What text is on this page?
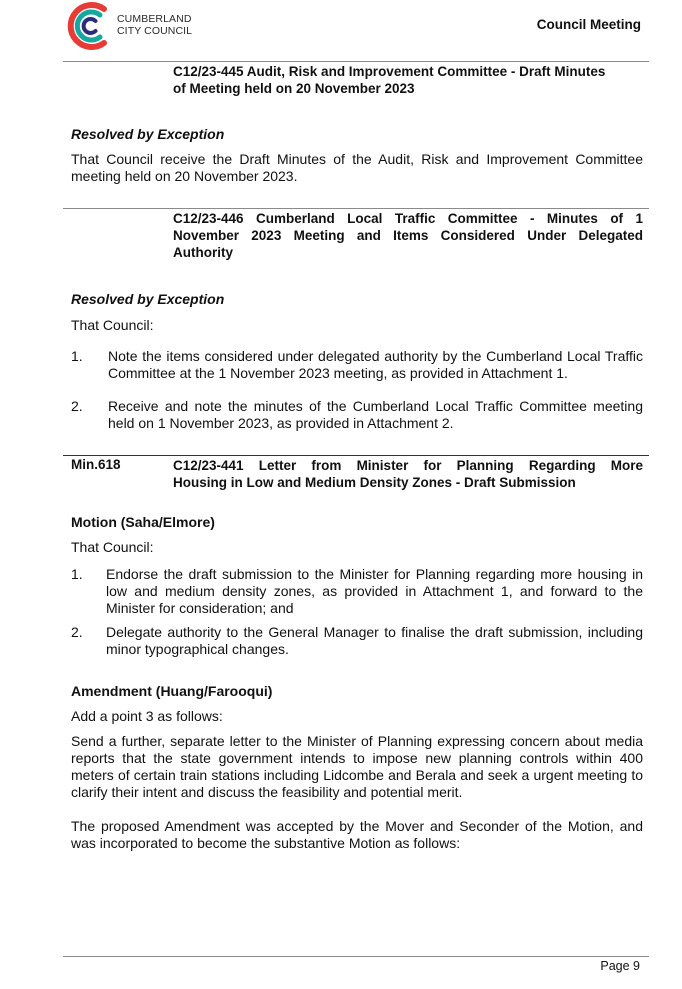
CUMBERLAND
CITY COUNCIL	Council Meeting
C12/23-445 Audit, Risk and Improvement Committee - Draft Minutes
of Meeting held on 20 November 2023
Resolved by Exception
That Council receive the Draft Minutes of the Audit, Risk and Improvement Committee meeting held on 20 November 2023.
C12/23-446 Cumberland Local Traffic Committee - Minutes of 1
November 2023 Meeting and Items Considered Under Delegated
Authority
Resolved by Exception
That Council:
1. Note the items considered under delegated authority by the Cumberland Local Traffic Committee at the 1 November 2023 meeting, as provided in Attachment 1.
2. Receive and note the minutes of the Cumberland Local Traffic Committee meeting held on 1 November 2023, as provided in Attachment 2.
Min.618	C12/23-441 Letter from Minister for Planning Regarding More
Housing in Low and Medium Density Zones - Draft Submission
Motion (Saha/Elmore)
That Council:
1. Endorse the draft submission to the Minister for Planning regarding more housing in low and medium density zones, as provided in Attachment 1, and forward to the Minister for consideration; and
2. Delegate authority to the General Manager to finalise the draft submission, including minor typographical changes.
Amendment (Huang/Farooqui)
Add a point 3 as follows:
Send a further, separate letter to the Minister of Planning expressing concern about media reports that the state government intends to impose new planning controls within 400 meters of certain train stations including Lidcombe and Berala and seek a urgent meeting to clarify their intent and discuss the feasibility and potential merit.
The proposed Amendment was accepted by the Mover and Seconder of the Motion, and was incorporated to become the substantive Motion as follows:
Page 9
